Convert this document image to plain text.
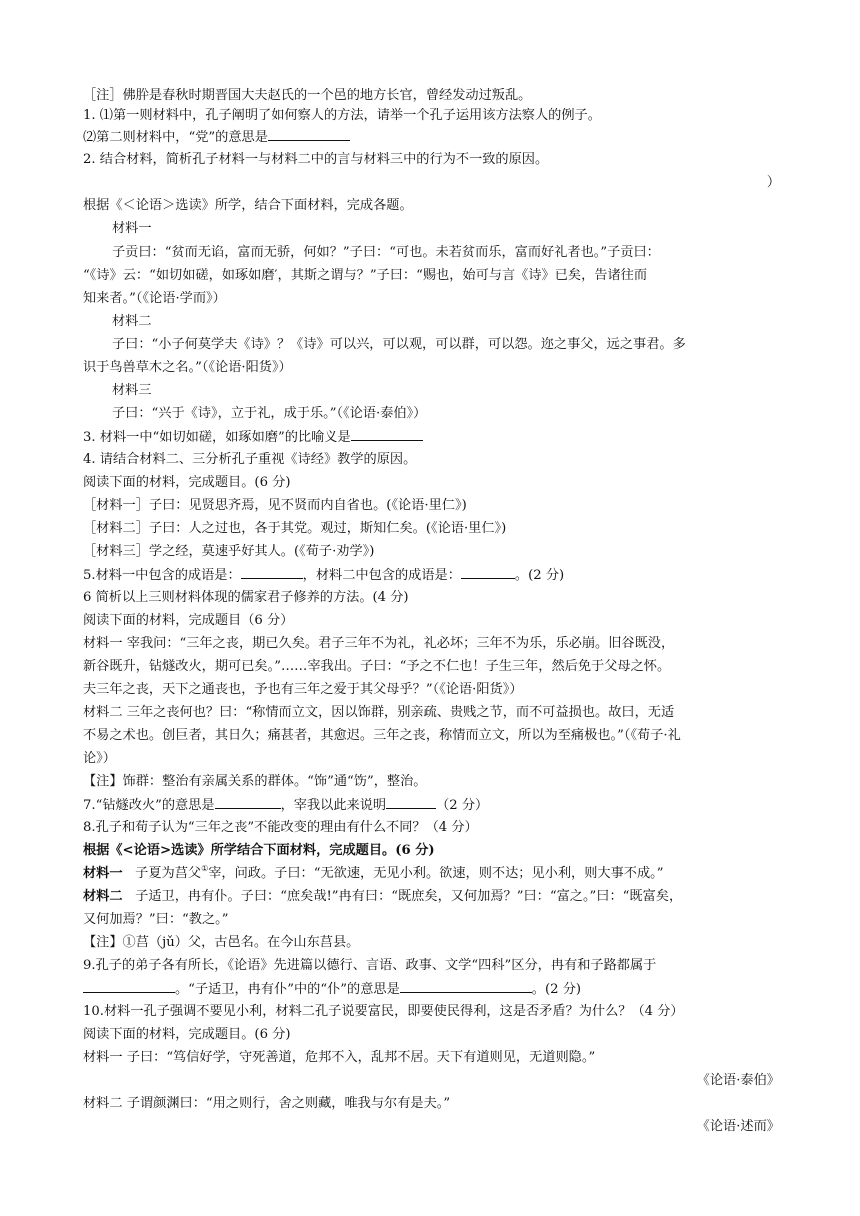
［注］佛肸是春秋时期晋国大夫赵氏的一个邑的地方长官，曾经发动过叛乱。
1. ⑴第一则材料中，孔子阐明了如何察人的方法，请举一个孔子运用该方法察人的例子。
⑵第二则材料中，“党”的意思是
2. 结合材料，简析孔子材料一与材料二中的言与材料三中的行为不一致的原因。
）
根据《＜论语＞选读》所学，结合下面材料，完成各题。
材料一
子贡曰：“贫而无谄，富而无骄，何如？”子曰：“可也。未若贫而乐，富而好礼者也。”子贡曰：
“《诗》云：“如切如磋，如琢如磨′，其斯之谓与？”子曰：“赐也，始可与言《诗》已矣，告诸往而
知来者。”（《论语·学而》）
材料二
子曰：“小子何莫学夫《诗》？《诗》可以兴，可以观，可以群，可以怨。迩之事父，远之事君。多
识于鸟兽草木之名。”（《论语·阳货》）
材料三
子曰：“兴于《诗》，立于礼，成于乐。”（《论语·泰伯》）
3. 材料一中“如切如磋，如琢如磨”的比喻义是
4. 请结合材料二、三分析孔子重视《诗经》教学的原因。
阅读下面的材料，完成题目。(6 分)
［材料一］子曰：见贤思齐焉，见不贤而内自省也。(《论语·里仁》)
［材料二］子曰：人之过也，各于其党。观过，斯知仁矣。(《论语·里仁》)
［材料三］学之经，莫速乎好其人。(《荀子·劝学》)
5.材料一中包含的成语是：	，材料二中包含的成语是：	。(2 分)
6 简析以上三则材料体现的儒家君子修养的方法。(4 分)
阅读下面的材料，完成题目（6 分）
材料一 宰我问：“三年之丧，期已久矣。君子三年不为礼，礼必坏；三年不为乐，乐必崩。旧谷既没，
新谷既升，钻燧改火，期可已矣。”……宰我出。子曰：“予之不仁也！子生三年，然后免于父母之怀。
夫三年之丧，天下之通丧也，予也有三年之爱于其父母乎？”（《论语·阳货》）
材料二 三年之丧何也？曰：“称情而立文，因以饰群，别亲疏、贵贱之节，而不可益损也。故曰，无适
不易之术也。创巨者，其日久；痛甚者，其愈迟。三年之丧，称情而立文，所以为至痛极也。”（《荀子·礼
论》）
【注】饰群：整治有亲属关系的群体。“饰”通“饬”，整治。
7.“钻燧改火”的意思是	，宰我以此来说明	（2 分）
8.孔子和荀子认为“三年之丧”不能改变的理由有什么不同？（4 分）
根据《<论语>选读》所学结合下面材料，完成题目。(6 分)
材料一 子夏为莒父①宰，问政。子曰：“无欲速，无见小利。欲速，则不达；见小利，则大事不成。”
材料二 子适卫，冉有仆。子曰：“庶矣哉!”冉有曰：“既庶矣，又何加焉？”曰：“富之。”曰：“既富矣，
又何加焉？”曰：“教之。”
【注】①莒（jǔ）父，古邑名。在今山东莒县。
9.孔子的弟子各有所长，《论语》先进篇以德行、言语、政事、文学“四科”区分，冉有和子路都属于
。“子适卫，冉有仆”中的“仆”的意思是	。(2 分)
10.材料一孔子强调不要见小利，材料二孔子说要富民，即要使民得利，这是否矛盾？为什么？（4 分）
阅读下面的材料，完成题目。(6 分)
材料一 子曰：“笃信好学，守死善道，危邦不入，乱邦不居。天下有道则见，无道则隐。”
《论语·泰伯》
材料二 子谓颜渊曰：“用之则行，舍之则藏，唯我与尔有是夫。”
《论语·述而》
